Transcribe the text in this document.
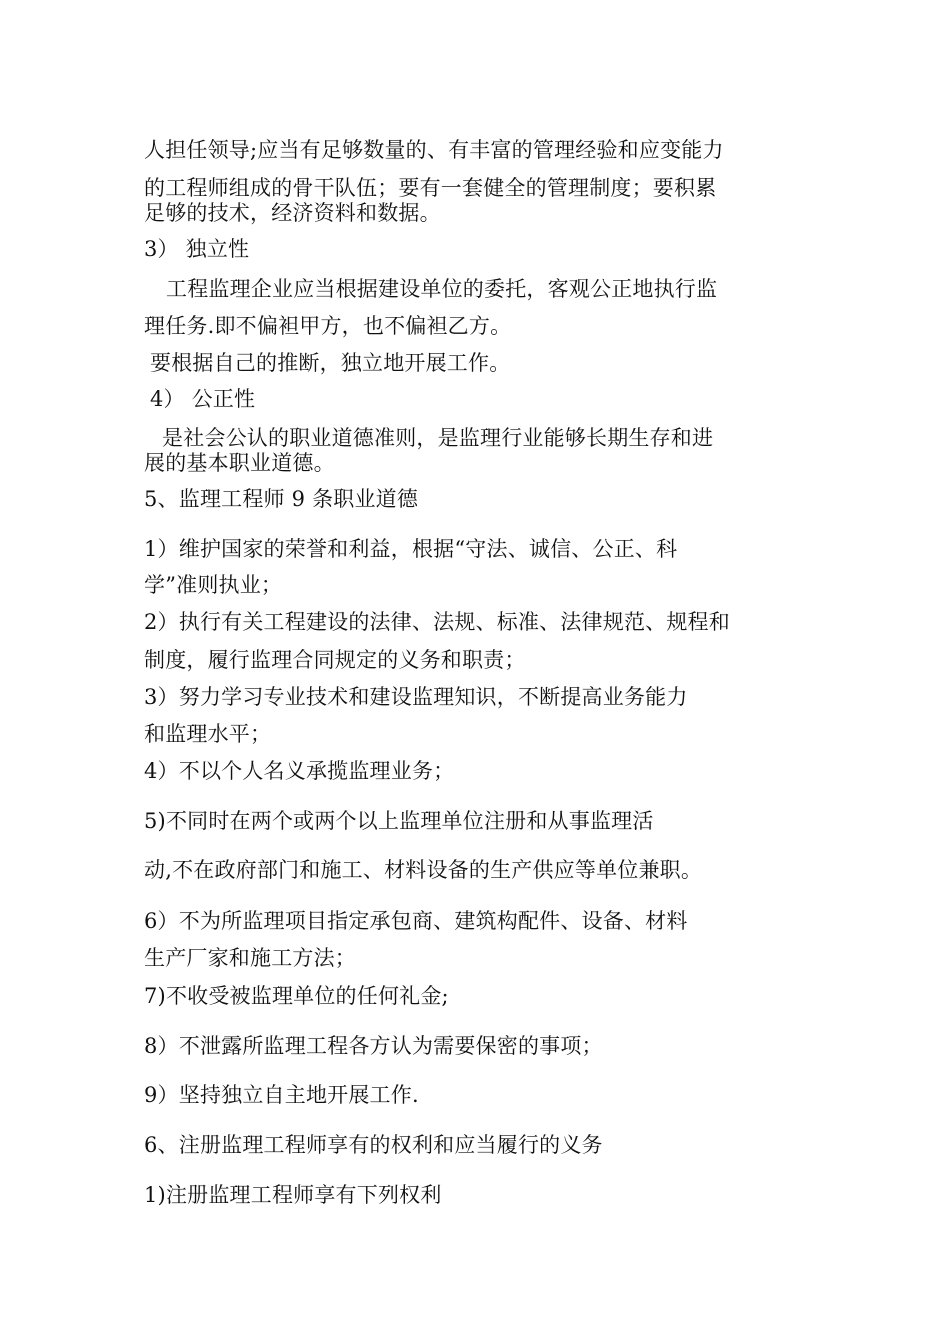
人担任领导;应当有足够数量的、有丰富的管理经验和应变能力
的工程师组成的骨干队伍；要有一套健全的管理制度；要积累
足够的技术，经济资料和数据。
3） 独立性
工程监理企业应当根据建设单位的委托，客观公正地执行监
理任务.即不偏袒甲方，也不偏袒乙方。
要根据自己的推断，独立地开展工作。
4） 公正性
是社会公认的职业道德准则，是监理行业能够长期生存和进
展的基本职业道德。
5、监理工程师 9 条职业道德
1）维护国家的荣誉和利益，根据“守法、诚信、公正、科
学”准则执业；
2）执行有关工程建设的法律、法规、标准、法律规范、规程和
制度，履行监理合同规定的义务和职责；
3）努力学习专业技术和建设监理知识，不断提高业务能力
和监理水平；
4）不以个人名义承揽监理业务；
5)不同时在两个或两个以上监理单位注册和从事监理活
动,不在政府部门和施工、材料设备的生产供应等单位兼职。
6）不为所监理项目指定承包商、建筑构配件、设备、材料
生产厂家和施工方法；
7)不收受被监理单位的任何礼金;
8）不泄露所监理工程各方认为需要保密的事项；
9）坚持独立自主地开展工作.
6、注册监理工程师享有的权利和应当履行的义务
1)注册监理工程师享有下列权利
